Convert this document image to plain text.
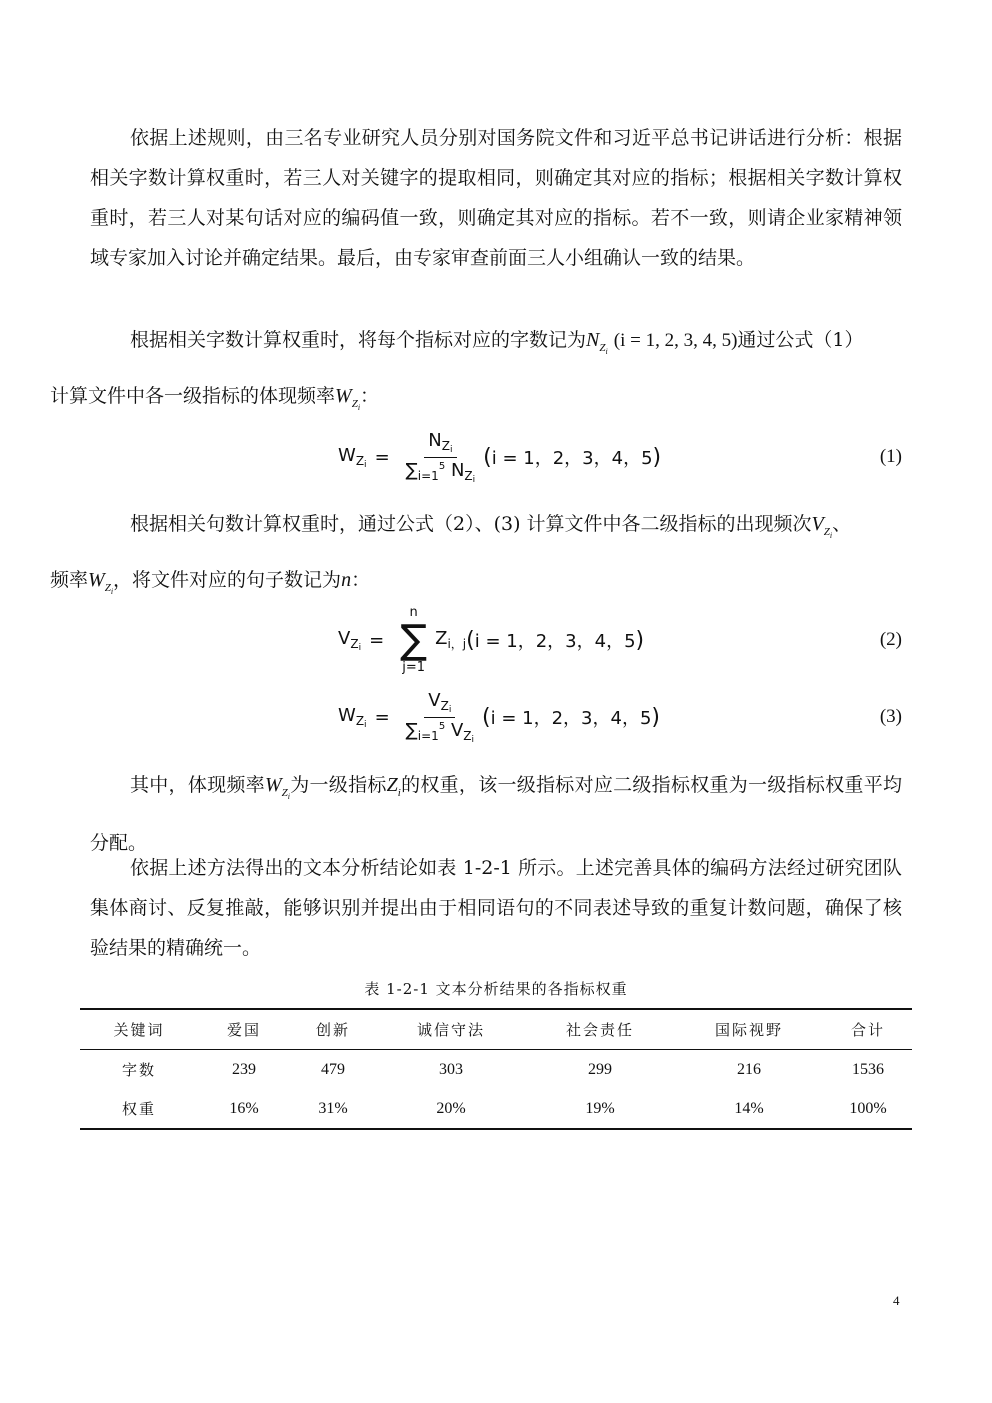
依据上述规则，由三名专业研究人员分别对国务院文件和习近平总书记讲话进行分析：根据相关字数计算权重时，若三人对关键字的提取相同，则确定其对应的指标；根据相关字数计算权重时，若三人对某句话对应的编码值一致，则确定其对应的指标。若不一致，则请企业家精神领域专家加入讨论并确定结果。最后，由专家审查前面三人小组确认一致的结果。

根据相关字数计算权重时，将每个指标对应的字数记为$N_{Z_i}$ (i = 1, 2, 3, 4, 5)通过公式（1）
计算文件中各一级指标的体现频率$W_{Z_i}$：

$W_{Zi} = \frac{N_{Zi}}{\sum_{i=1}^5 N_{Zi}}$ ( i = 1，2，3，4，5 )	(1)

根据相关句数计算权重时，通过公式（2）、(3) 计算文件中各二级指标的出现频次$V_{Z_i}$、
频率$W_{Z_i}$，将文件对应的句子数记为n：

$V_{Zi}$ =
n
∑
j=1
$Z_{i,j}$ ( i = 1，2，3，4，5 )	(2)
$W_{Zi} = \frac{V_{Zi}}{\sum_{i=1}^5 V_{Zi}}$ ( i = 1，2，3，4，5 )	(3)

其中，体现频率$W_{Z_i}$为一级指标$Z_i$的权重，该一级指标对应二级指标权重为一级指标权重平均分配。

依据上述方法得出的文本分析结论如表 1-2-1 所示。上述完善具体的编码方法经过研究团队集体商讨、反复推敲，能够识别并提出由于相同语句的不同表述导致的重复计数问题，确保了核验结果的精确统一。

表 1-2-1 文本分析结果的各指标权重
关键词	爱国	创新	诚信守法	社会责任	国际视野	合计
字数	239	479	303	299	216	1536
权重	16%	31%	20%	19%	14%	100%
4
